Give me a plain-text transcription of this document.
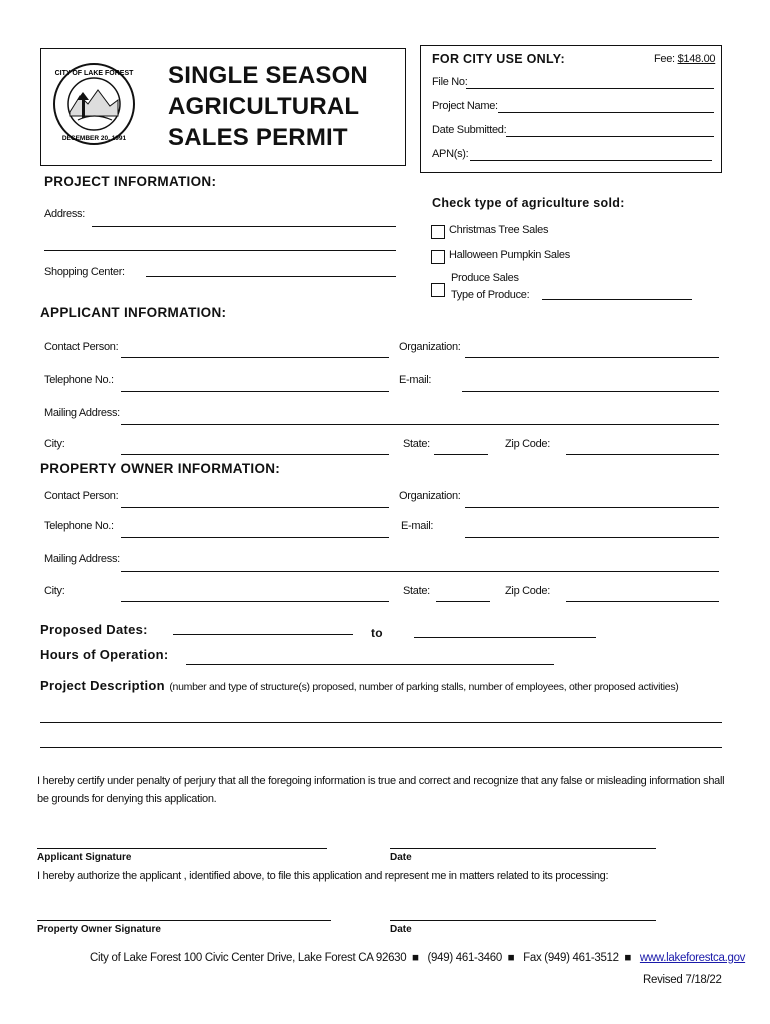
CITY OF LAKE FOREST
DECEMBER 20, 1991
SINGLE SEASON
AGRICULTURAL
SALES PERMIT
FOR CITY USE ONLY:	Fee: $148.00
File No:
Project Name:
Date Submitted:
APN(s):
PROJECT INFORMATION:
Address:
Shopping Center:
Check type of agriculture sold:
Christmas Tree Sales
Halloween Pumpkin Sales
Produce Sales
Type of Produce:
APPLICANT INFORMATION:
Contact Person:	Organization:
Telephone No.:	E-mail:
Mailing Address:
City:	State:	Zip Code:
PROPERTY OWNER INFORMATION:
Contact Person:	Organization:
Telephone No.:	E-mail:
Mailing Address:
City:	State:	Zip Code:
Proposed Dates:	to
Hours of Operation:
Project Description (number and type of structure(s) proposed, number of parking stalls, number of employees, other proposed activities)
I hereby certify under penalty of perjury that all the foregoing information is true and correct and recognize that any false or misleading information shall be grounds for denying this application.
Applicant Signature	Date
I hereby authorize the applicant , identified above, to file this application and represent me in matters related to its processing:
Property Owner Signature	Date
City of Lake Forest 100 Civic Center Drive, Lake Forest CA 92630  ■   (949) 461-3460  ■   Fax (949) 461-3512  ■   www.lakeforestca.gov
Revised 7/18/22
